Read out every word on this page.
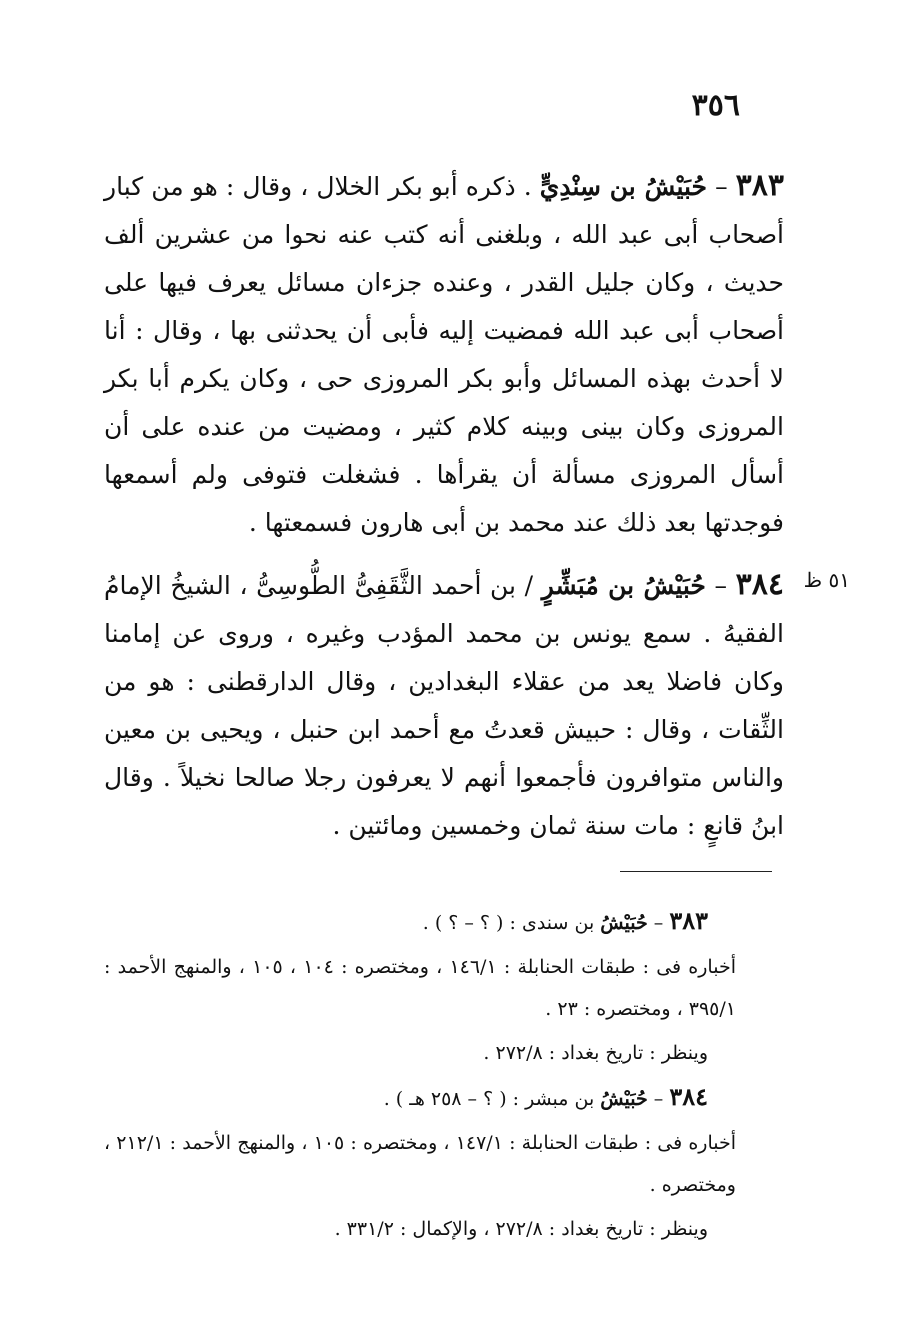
٣٥٦
٥١ ظ

٣٨٣ – حُبَيْشُ بن سِنْدِيٍّ . ذكره أبو بكر الخلال ، وقال : هو من كبار أصحاب أبى عبد الله ، وبلغنى أنه كتب عنه نحوا من عشرين ألف حديث ، وكان جليل القدر ، وعنده جزءان مسائل يعرف فيها على أصحاب أبى عبد الله فمضيت إليه فأبى أن يحدثنى بها ، وقال : أنا لا أحدث بهذه المسائل وأبو بكر المروزى حى ، وكان يكرم أبا بكر المروزى وكان بينى وبينه كلام كثير ، ومضيت من عنده على أن أسأل المروزى مسألة أن يقرأها . فشغلت فتوفى ولم أسمعها فوجدتها بعد ذلك عند محمد بن أبى هارون فسمعتها .

٣٨٤ – حُبَيْشُ بن مُبَشِّرٍ / بن أحمد الثَّقَفِىُّ الطُّوسِىُّ ، الشيخُ الإمامُ الفقيهُ . سمع يونس بن محمد المؤدب وغيره ، وروى عن إمامنا وكان فاضلا يعد من عقلاء البغدادين ، وقال الدارقطنى : هو من الثِّقات ، وقال : حبيش قعدتُ مع أحمد ابن حنبل ، ويحيى بن معين والناس متوافرون فأجمعوا أنهم لا يعرفون رجلا صالحا نخيلاً . وقال ابنُ قانعٍ : مات سنة ثمان وخمسين ومائتين .

٣٨٣ – حُبَيْشُ بن سندى : ( ؟ – ؟ ) .

أخباره فى : طبقات الحنابلة : ١٤٦/١ ، ومختصره : ١٠٤ ، ١٠٥ ، والمنهج الأحمد : ٣٩٥/١ ، ومختصره : ٢٣ .

وينظر : تاريخ بغداد : ٢٧٢/٨ .

٣٨٤ – حُبَيْشُ بن مبشر : ( ؟ – ٢٥٨ هـ ) .

أخباره فى : طبقات الحنابلة : ١٤٧/١ ، ومختصره : ١٠٥ ، والمنهج الأحمد : ٢١٢/١ ، ومختصره .

وينظر : تاريخ بغداد : ٢٧٢/٨ ، والإكمال : ٣٣١/٢ .
